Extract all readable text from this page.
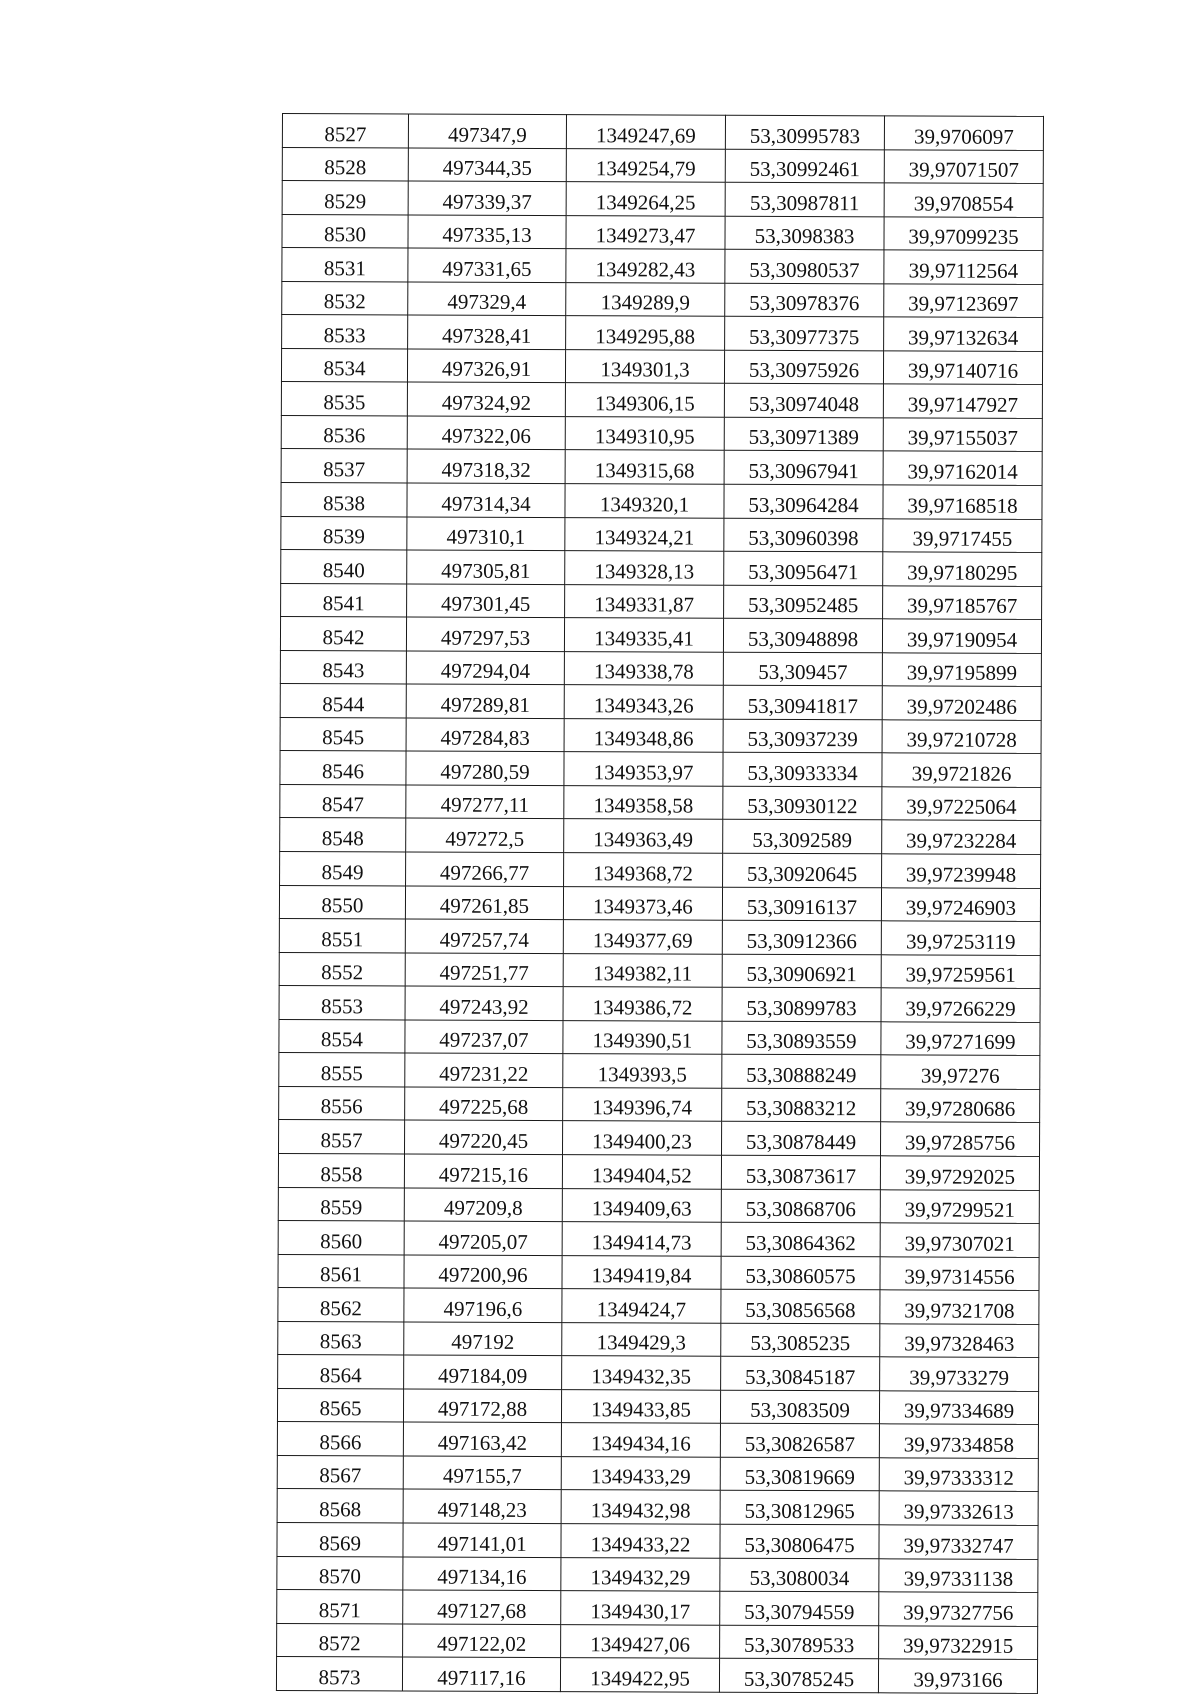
8527	497347,9	1349247,69	53,30995783	39,9706097
8528	497344,35	1349254,79	53,30992461	39,97071507
8529	497339,37	1349264,25	53,30987811	39,9708554
8530	497335,13	1349273,47	53,3098383	39,97099235
8531	497331,65	1349282,43	53,30980537	39,97112564
8532	497329,4	1349289,9	53,30978376	39,97123697
8533	497328,41	1349295,88	53,30977375	39,97132634
8534	497326,91	1349301,3	53,30975926	39,97140716
8535	497324,92	1349306,15	53,30974048	39,97147927
8536	497322,06	1349310,95	53,30971389	39,97155037
8537	497318,32	1349315,68	53,30967941	39,97162014
8538	497314,34	1349320,1	53,30964284	39,97168518
8539	497310,1	1349324,21	53,30960398	39,9717455
8540	497305,81	1349328,13	53,30956471	39,97180295
8541	497301,45	1349331,87	53,30952485	39,97185767
8542	497297,53	1349335,41	53,30948898	39,97190954
8543	497294,04	1349338,78	53,309457	39,97195899
8544	497289,81	1349343,26	53,30941817	39,97202486
8545	497284,83	1349348,86	53,30937239	39,97210728
8546	497280,59	1349353,97	53,30933334	39,9721826
8547	497277,11	1349358,58	53,30930122	39,97225064
8548	497272,5	1349363,49	53,3092589	39,97232284
8549	497266,77	1349368,72	53,30920645	39,97239948
8550	497261,85	1349373,46	53,30916137	39,97246903
8551	497257,74	1349377,69	53,30912366	39,97253119
8552	497251,77	1349382,11	53,30906921	39,97259561
8553	497243,92	1349386,72	53,30899783	39,97266229
8554	497237,07	1349390,51	53,30893559	39,97271699
8555	497231,22	1349393,5	53,30888249	39,97276
8556	497225,68	1349396,74	53,30883212	39,97280686
8557	497220,45	1349400,23	53,30878449	39,97285756
8558	497215,16	1349404,52	53,30873617	39,97292025
8559	497209,8	1349409,63	53,30868706	39,97299521
8560	497205,07	1349414,73	53,30864362	39,97307021
8561	497200,96	1349419,84	53,30860575	39,97314556
8562	497196,6	1349424,7	53,30856568	39,97321708
8563	497192	1349429,3	53,3085235	39,97328463
8564	497184,09	1349432,35	53,30845187	39,9733279
8565	497172,88	1349433,85	53,3083509	39,97334689
8566	497163,42	1349434,16	53,30826587	39,97334858
8567	497155,7	1349433,29	53,30819669	39,97333312
8568	497148,23	1349432,98	53,30812965	39,97332613
8569	497141,01	1349433,22	53,30806475	39,97332747
8570	497134,16	1349432,29	53,3080034	39,97331138
8571	497127,68	1349430,17	53,30794559	39,97327756
8572	497122,02	1349427,06	53,30789533	39,97322915
8573	497117,16	1349422,95	53,30785245	39,973166
